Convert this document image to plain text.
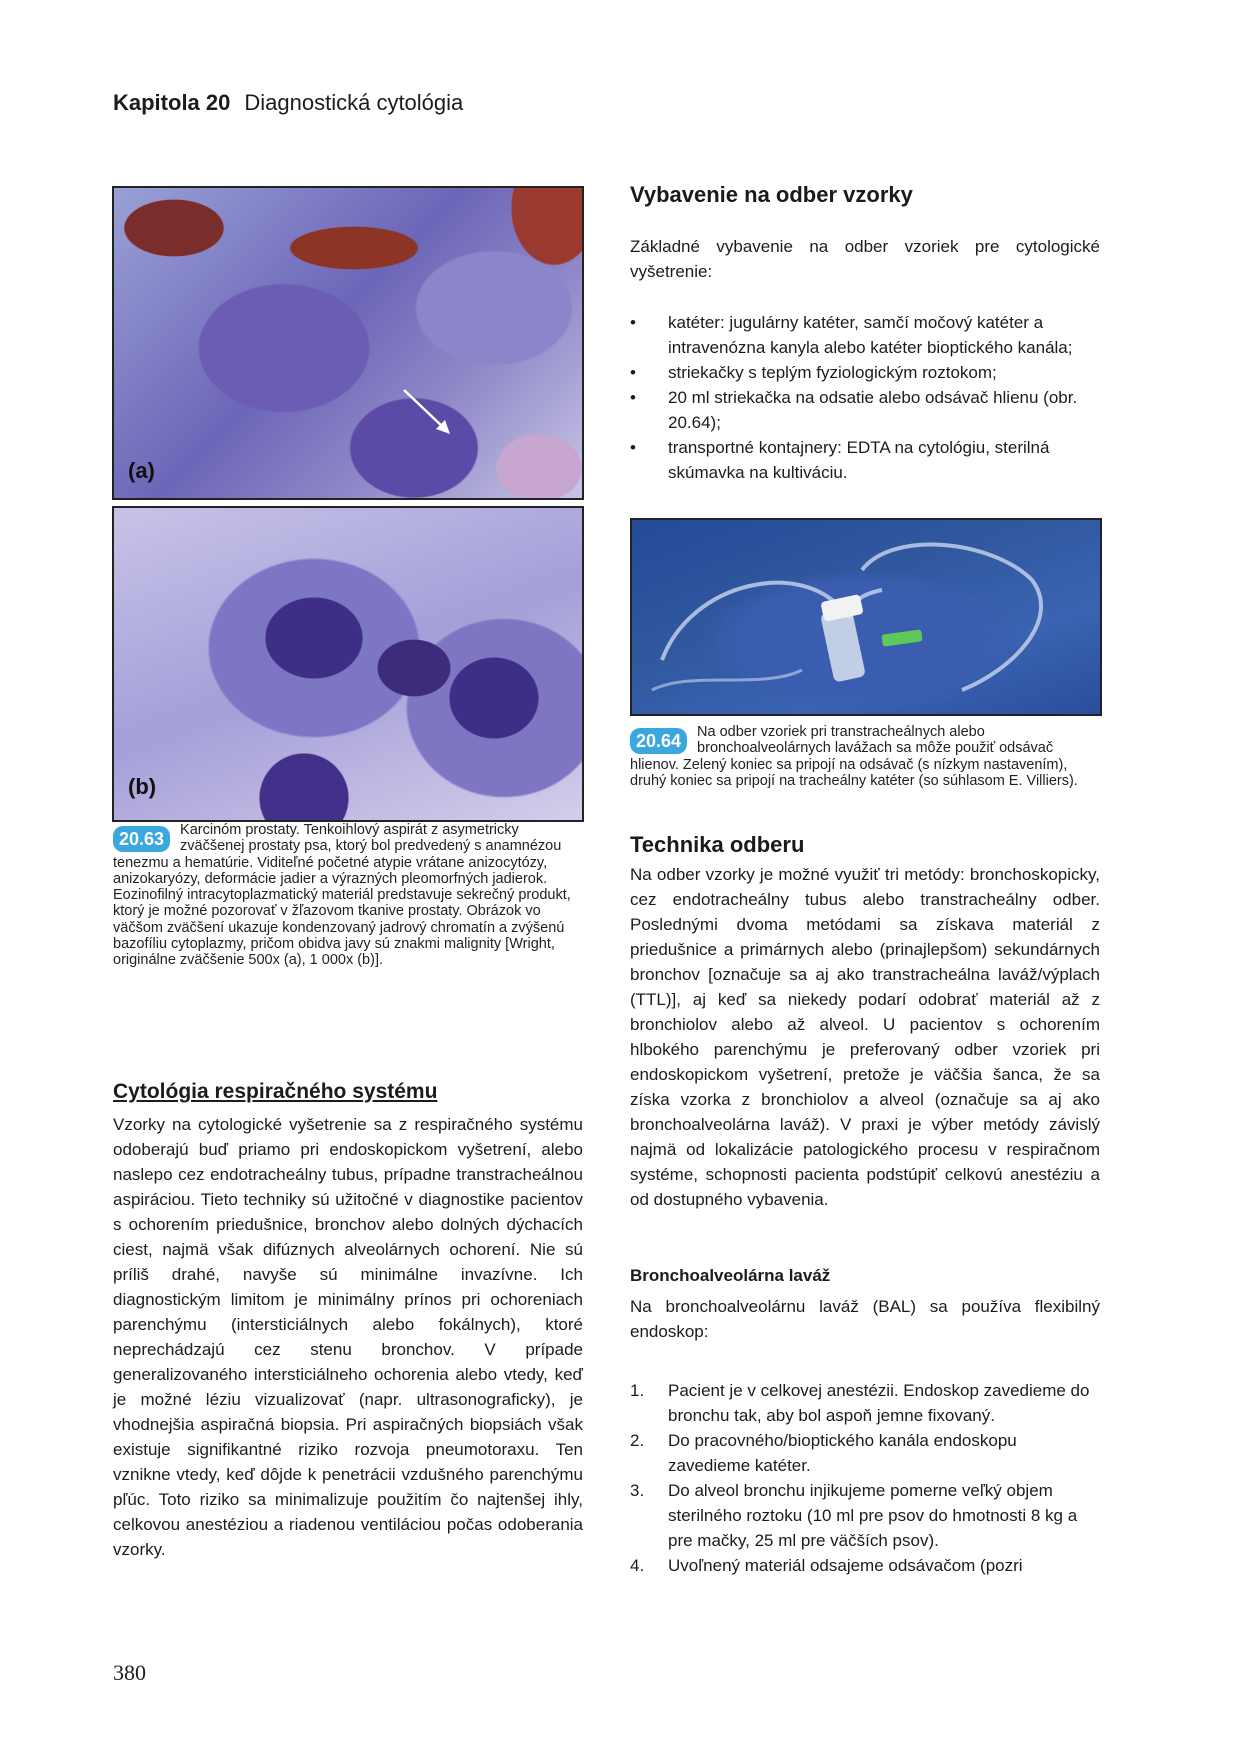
Kapitola 20 Diagnostická cytológia
(a)
(b)
20.63	Karcinóm prostaty. Tenkoihlový aspirát z asymetricky zväčšenej prostaty psa, ktorý bol predvedený s anamnézou tenezmu a hematúrie. Viditeľné početné atypie vrátane anizocytózy, anizokaryózy, deformácie jadier a výrazných pleomorfných jadierok. Eozinofilný intracytoplazmatický materiál predstavuje sekrečný produkt, ktorý je možné pozorovať v žľazovom tkanive prostaty. Obrázok vo väčšom zväčšení ukazuje kondenzovaný jadrový chromatín a zvýšenú bazofíliu cytoplazmy, pričom obidva javy sú znakmi malignity [Wright, originálne zväčšenie 500x (a), 1 000x (b)].
Cytológia respiračného systému
Vzorky na cytologické vyšetrenie sa z respiračného systému odoberajú buď priamo pri endoskopickom vyšetrení, alebo naslepo cez endotracheálny tubus, prípadne transtracheálnou aspiráciou. Tieto techniky sú užitočné v diagnostike pacientov s ochorením priedušnice, bronchov alebo dolných dýchacích ciest, najmä však difúznych alveolárnych ochorení. Nie sú príliš drahé, navyše sú minimálne invazívne. Ich diagnostickým limitom je minimálny prínos pri ochoreniach parenchýmu (intersticiálnych alebo fokálnych), ktoré neprechádzajú cez stenu bronchov. V prípade generalizovaného intersticiálneho ochorenia alebo vtedy, keď je možné léziu vizualizovať (napr. ultrasonograficky), je vhodnejšia aspiračná biopsia. Pri aspiračných biopsiách však existuje signifikantné riziko rozvoja pneumotoraxu. Ten vznikne vtedy, keď dôjde k penetrácii vzdušného parenchýmu pľúc. Toto riziko sa minimalizuje použitím čo najtenšej ihly, celkovou anestéziou a riadenou ventiláciou počas odoberania vzorky.
Vybavenie na odber vzorky
Základné vybavenie na odber vzoriek pre cytologické vyšetrenie:
• katéter: jugulárny katéter, samčí močový katéter a intravenózna kanyla alebo katéter bioptického kanála;
• striekačky s teplým fyziologickým roztokom;
• 20 ml striekačka na odsatie alebo odsávač hlienu (obr. 20.64);
• transportné kontajnery: EDTA na cytológiu, sterilná skúmavka na kultiváciu.
20.64	Na odber vzoriek pri transtracheálnych alebo bronchoalveolárnych lavážach sa môže použiť odsávač hlienov. Zelený koniec sa pripojí na odsávač (s nízkym nastavením), druhý koniec sa pripojí na tracheálny katéter (so súhlasom E. Villiers).
Technika odberu
Na odber vzorky je možné využiť tri metódy: bronchoskopicky, cez endotracheálny tubus alebo transtracheálny odber. Poslednými dvoma metódami sa získava materiál z priedušnice a primárnych alebo (prinajlepšom) sekundárnych bronchov [označuje sa aj ako transtracheálna laváž/výplach (TTL)], aj keď sa niekedy podarí odobrať materiál až z bronchiolov alebo až alveol. U pacientov s ochorením hlbokého parenchýmu je preferovaný odber vzoriek pri endoskopickom vyšetrení, pretože je väčšia šanca, že sa získa vzorka z bronchiolov a alveol (označuje sa aj ako bronchoalveolárna laváž). V praxi je výber metódy závislý najmä od lokalizácie patologického procesu v respiračnom systéme, schopnosti pacienta podstúpiť celkovú anestéziu a od dostupného vybavenia.
Bronchoalveolárna laváž
Na bronchoalveolárnu laváž (BAL) sa používa flexibilný endoskop:
1. Pacient je v celkovej anestézii. Endoskop zavedieme do bronchu tak, aby bol aspoň jemne fixovaný.
2. Do pracovného/bioptického kanála endoskopu zavedieme katéter.
3. Do alveol bronchu injikujeme pomerne veľký objem sterilného roztoku (10 ml pre psov do hmotnosti 8 kg a pre mačky, 25 ml pre väčších psov).
4. Uvoľnený materiál odsajeme odsávačom (pozri
380
